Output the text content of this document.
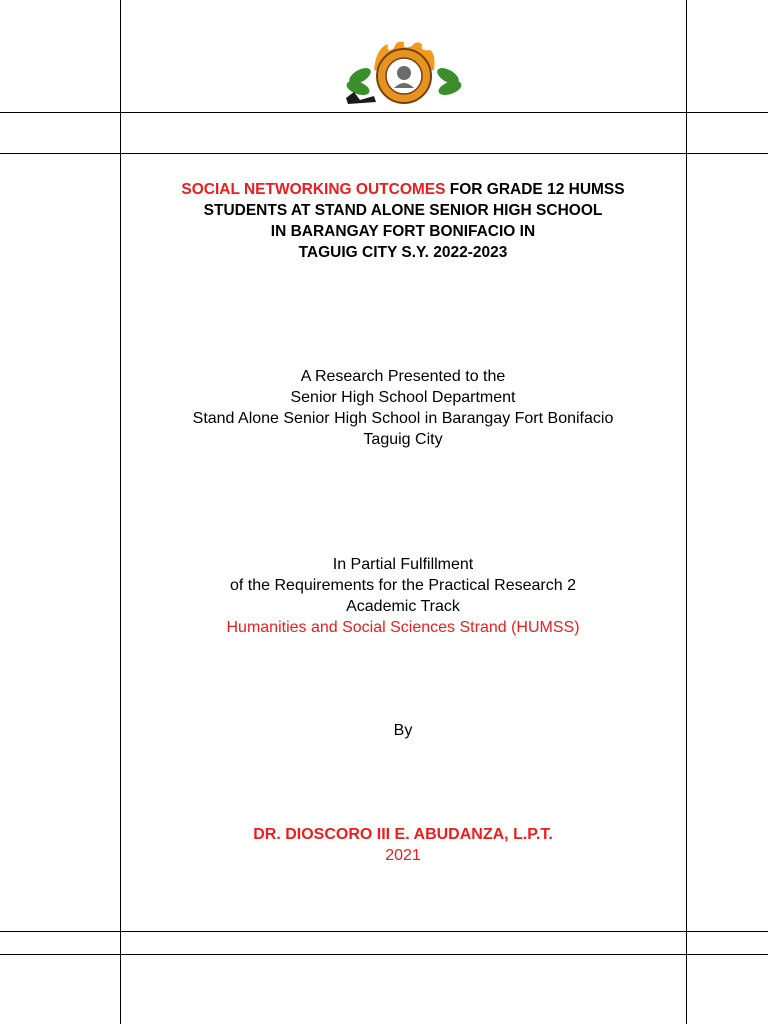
SOCIAL NETWORKING OUTCOMES FOR GRADE 12 HUMSS
STUDENTS AT STAND ALONE SENIOR HIGH SCHOOL
IN BARANGAY FORT BONIFACIO IN
TAGUIG CITY S.Y. 2022-2023
A Research Presented to the
Senior High School Department
Stand Alone Senior High School in Barangay Fort Bonifacio
Taguig City
In Partial Fulfillment
of the Requirements for the Practical Research 2
Academic Track
Humanities and Social Sciences Strand (HUMSS)
By
DR. DIOSCORO III E. ABUDANZA, L.P.T.
2021
